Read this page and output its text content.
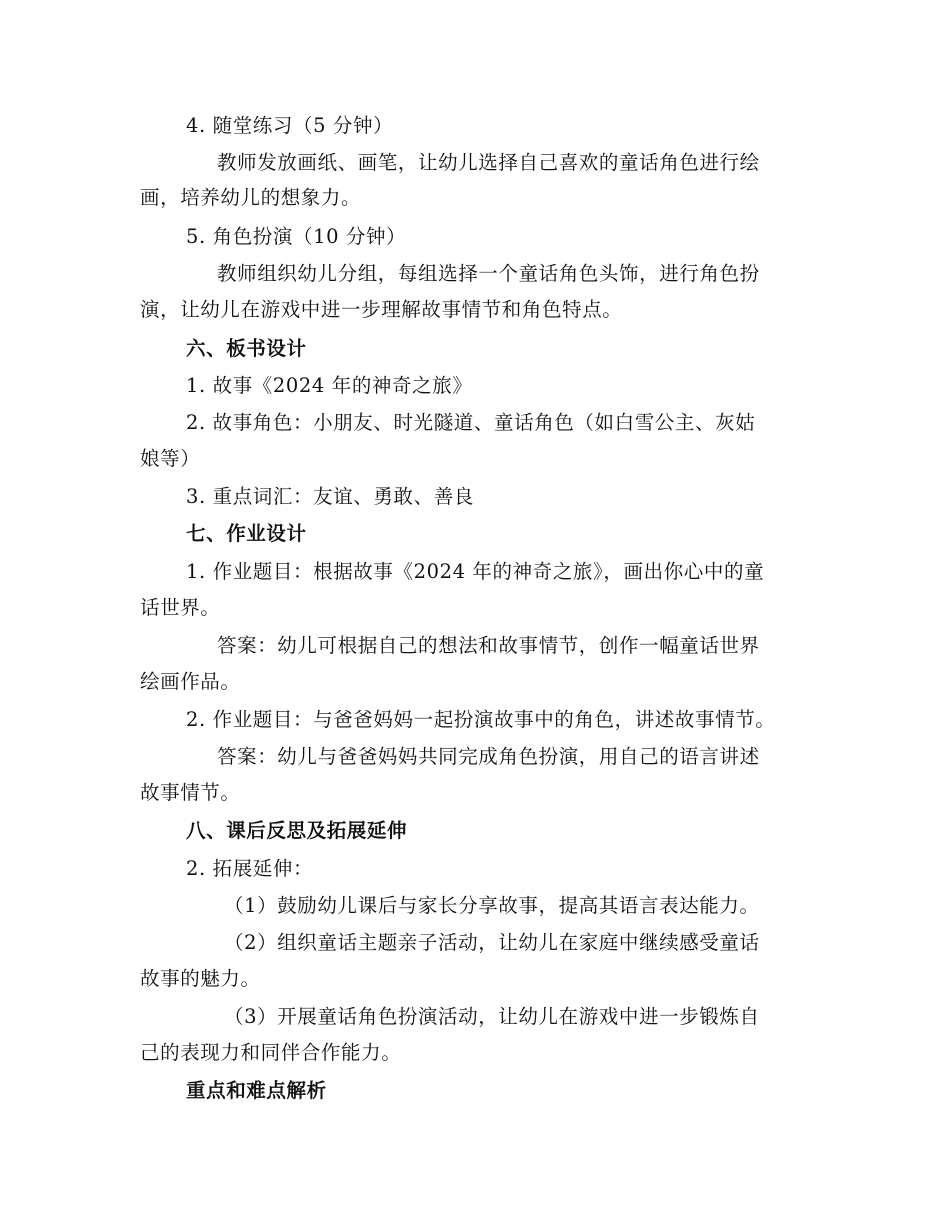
4. 随堂练习（5 分钟）
教师发放画纸、画笔，让幼儿选择自己喜欢的童话角色进行绘
画，培养幼儿的想象力。
5. 角色扮演（10 分钟）
教师组织幼儿分组，每组选择一个童话角色头饰，进行角色扮
演，让幼儿在游戏中进一步理解故事情节和角色特点。
六、板书设计
1. 故事《2024 年的神奇之旅》
2. 故事角色：小朋友、时光隧道、童话角色（如白雪公主、灰姑
娘等）
3. 重点词汇：友谊、勇敢、善良
七、作业设计
1. 作业题目：根据故事《2024 年的神奇之旅》，画出你心中的童
话世界。
答案：幼儿可根据自己的想法和故事情节，创作一幅童话世界
绘画作品。
2. 作业题目：与爸爸妈妈一起扮演故事中的角色，讲述故事情节。
答案：幼儿与爸爸妈妈共同完成角色扮演，用自己的语言讲述
故事情节。
八、课后反思及拓展延伸
2. 拓展延伸：
（1）鼓励幼儿课后与家长分享故事，提高其语言表达能力。
（2）组织童话主题亲子活动，让幼儿在家庭中继续感受童话
故事的魅力。
（3）开展童话角色扮演活动，让幼儿在游戏中进一步锻炼自
己的表现力和同伴合作能力。
重点和难点解析
